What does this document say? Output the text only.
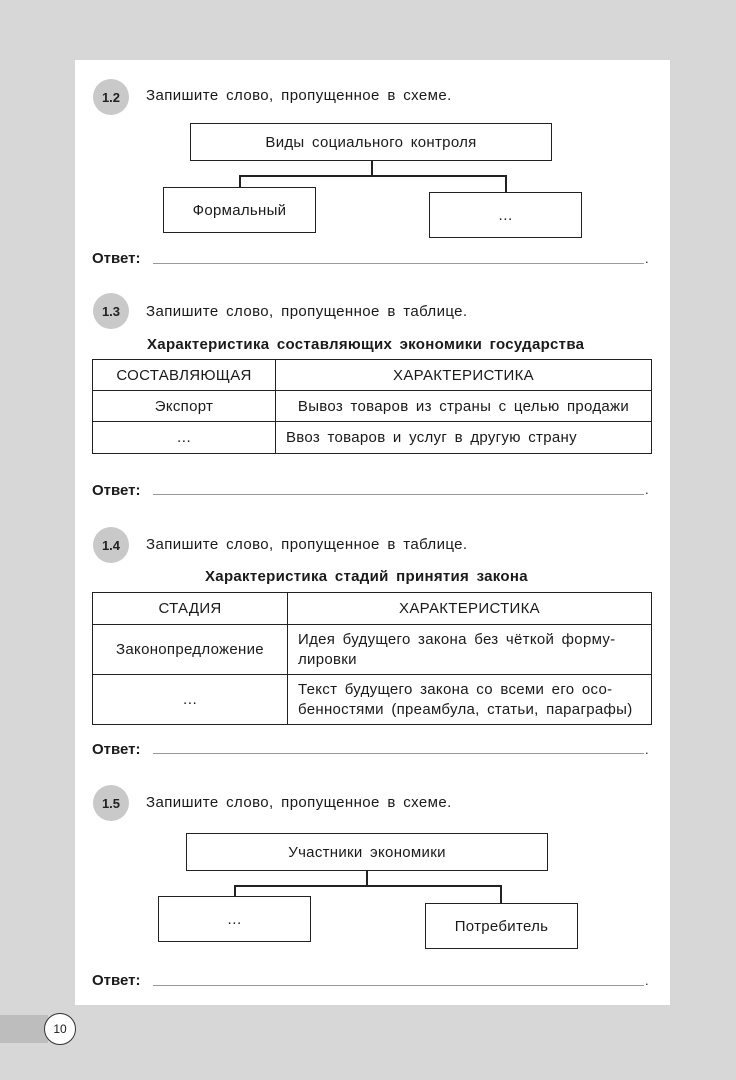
1.2	Запишите слово, пропущенное в схеме.
Виды социального контроля
Формальный	…
Ответ:	.
1.3	Запишите слово, пропущенное в таблице.
Характеристика составляющих экономики государства
СОСТАВЛЯЮЩАЯ	ХАРАКТЕРИСТИКА
Экспорт	Вывоз товаров из страны с целью продажи
…	Ввоз товаров и услуг в другую страну
Ответ:	.
1.4	Запишите слово, пропущенное в таблице.
Характеристика стадий принятия закона
СТАДИЯ	ХАРАКТЕРИСТИКА
Законопредложение	Идея будущего закона без чёткой форму-
лировки
…	Текст будущего закона со всеми его осо-
бенностями (преамбула, статьи, параграфы)
Ответ:	.
1.5	Запишите слово, пропущенное в схеме.
Участники экономики
…	Потребитель
Ответ:	.
10
